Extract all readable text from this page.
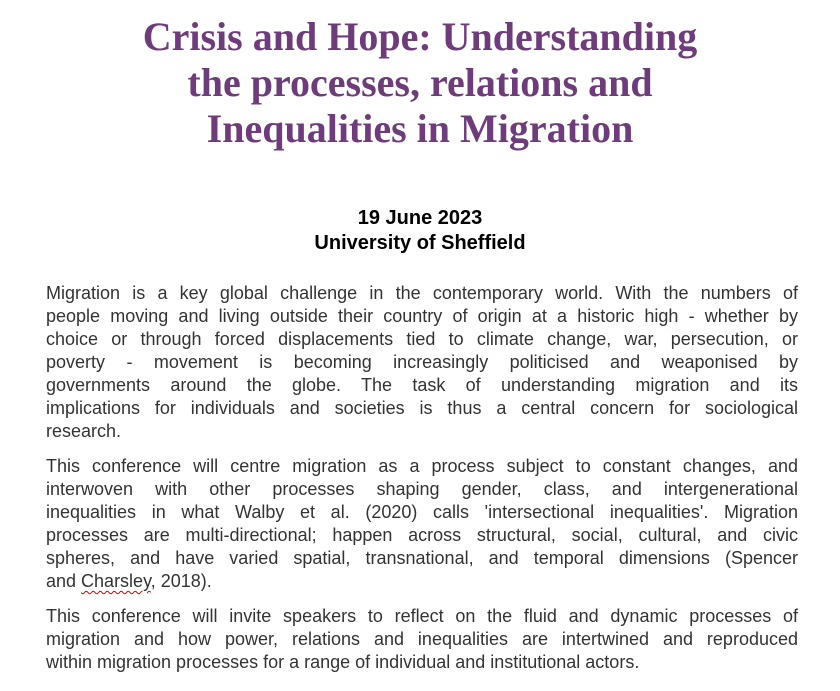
Crisis and Hope: Understanding
the processes, relations and
Inequalities in Migration
19 June 2023
University of Sheffield

Migration is a key global challenge in the contemporary world. With the numbers of
people moving and living outside their country of origin at a historic high - whether by
choice or through forced displacements tied to climate change, war, persecution, or
poverty - movement is becoming increasingly politicised and weaponised by
governments around the globe. The task of understanding migration and its
implications for individuals and societies is thus a central concern for sociological
research.

This conference will centre migration as a process subject to constant changes, and
interwoven with other processes shaping gender, class, and intergenerational
inequalities in what Walby et al. (2020) calls 'intersectional inequalities'. Migration
processes are multi-directional; happen across structural, social, cultural, and civic
spheres, and have varied spatial, transnational, and temporal dimensions (Spencer
and Charsley, 2018).

This conference will invite speakers to reflect on the fluid and dynamic processes of
migration and how power, relations and inequalities are intertwined and reproduced
within migration processes for a range of individual and institutional actors.
